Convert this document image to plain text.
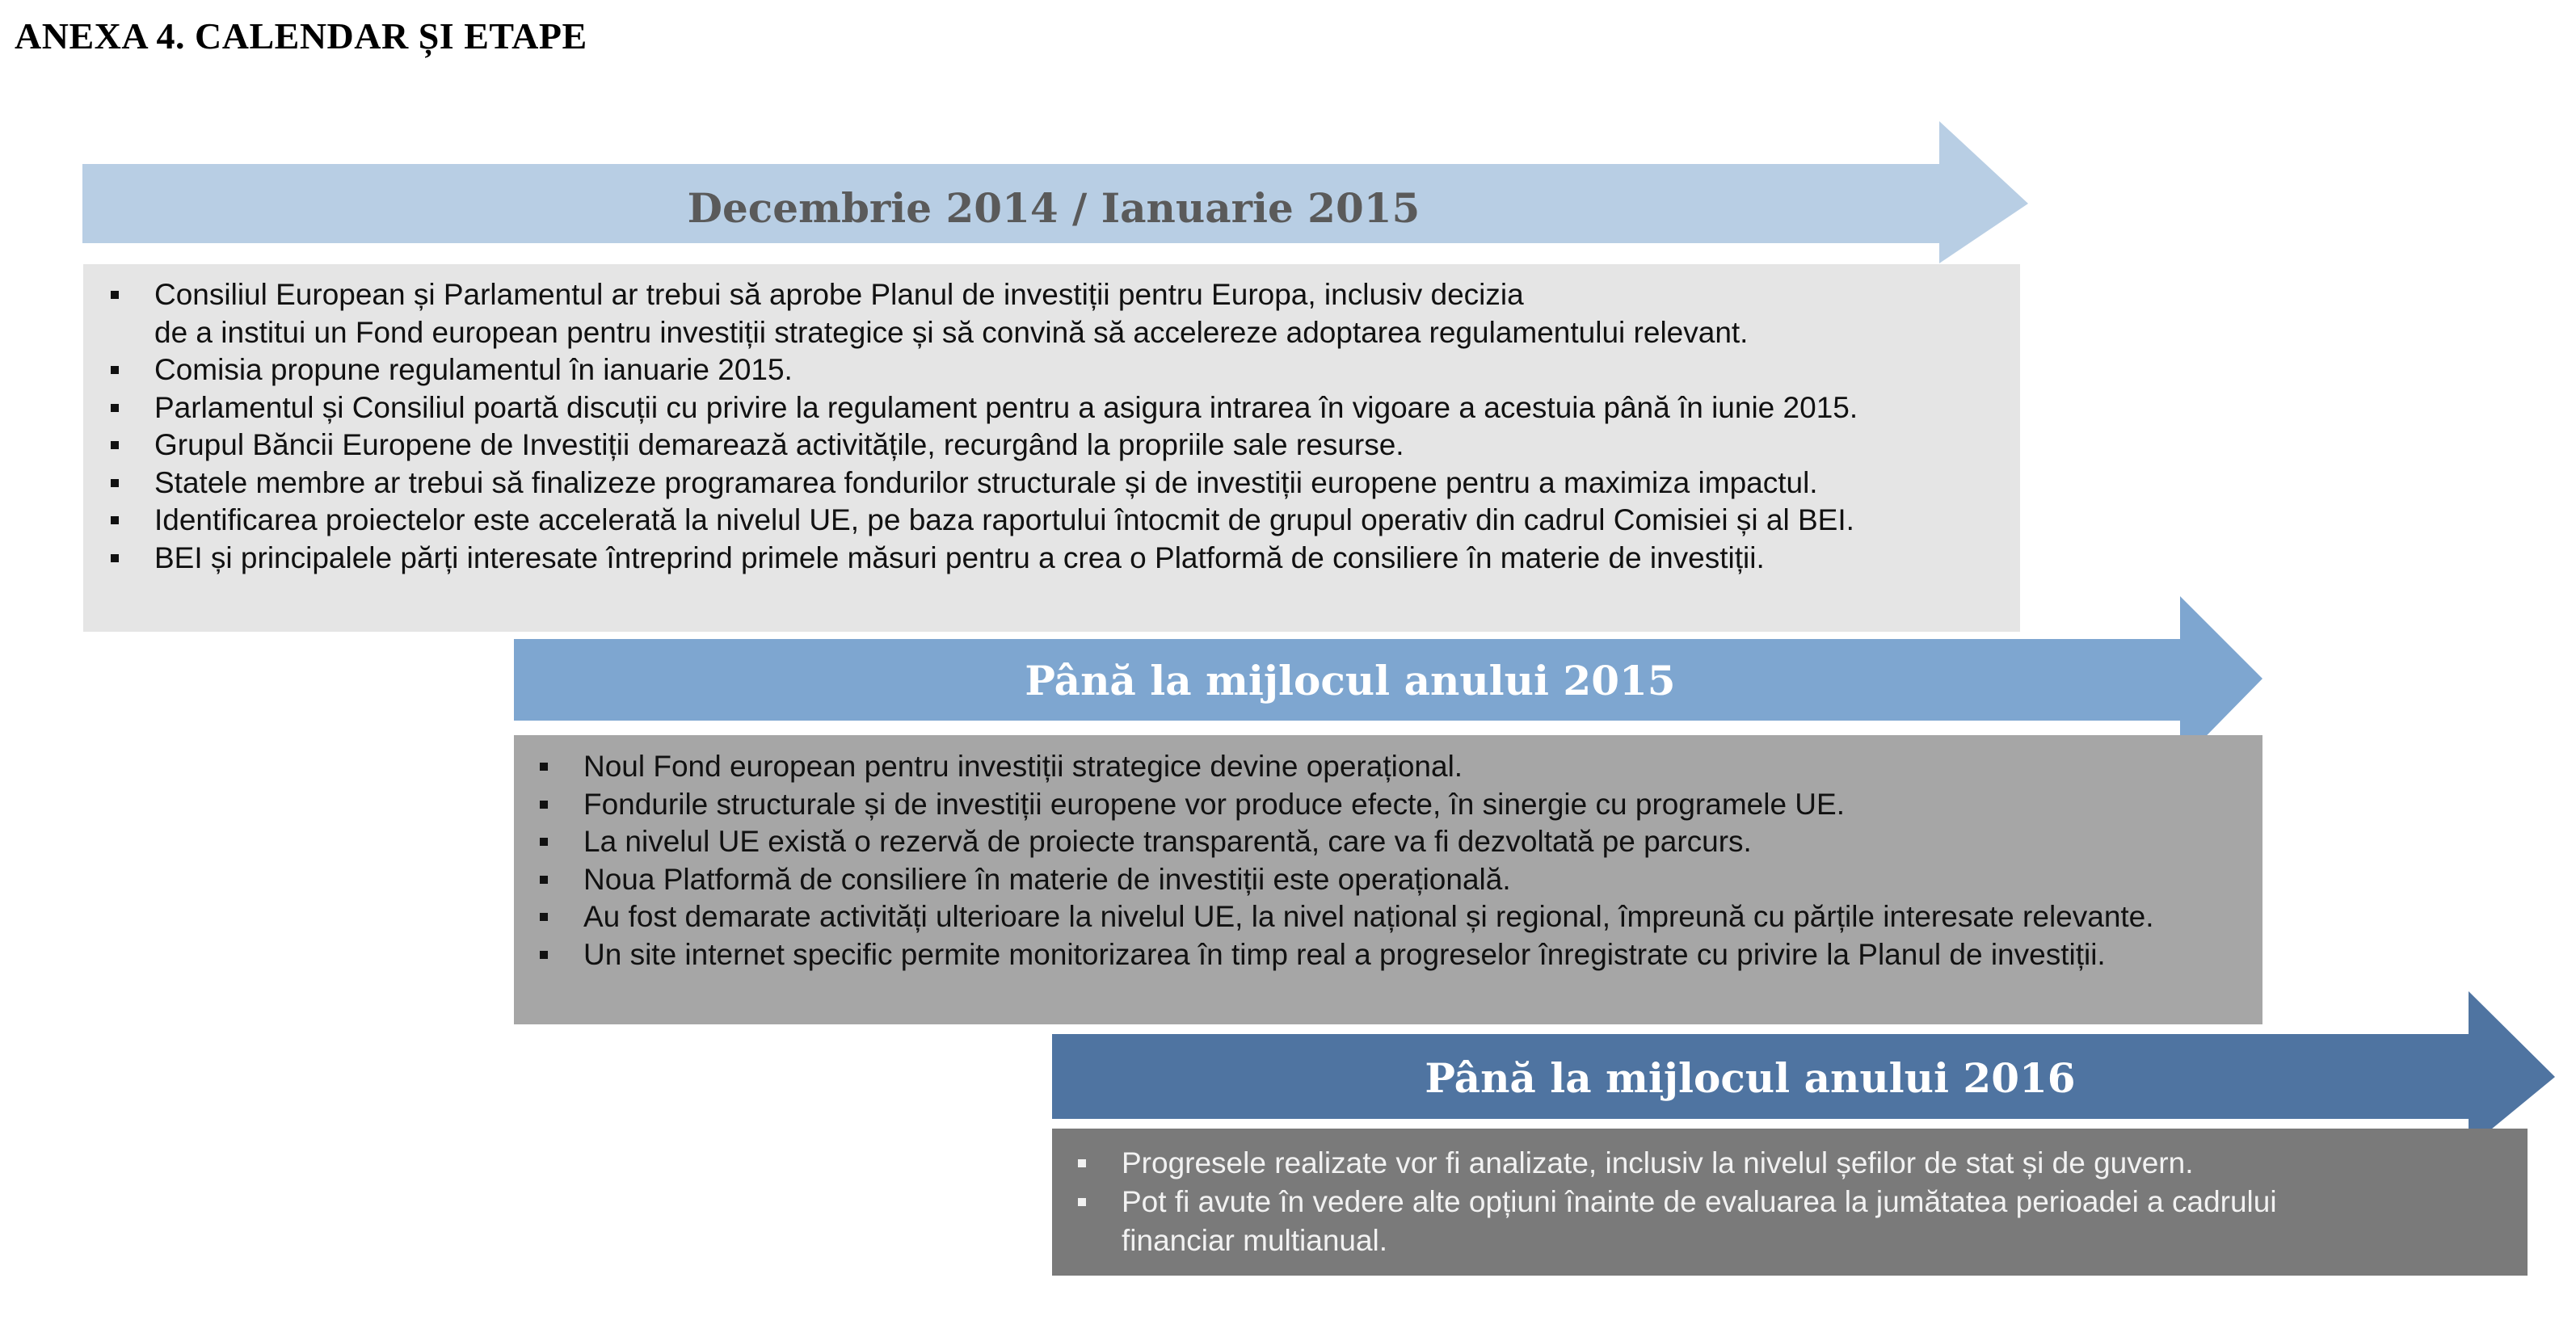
ANEXA 4. CALENDAR ȘI ETAPE
Decembrie 2014 / Ianuarie 2015
Consiliul European și Parlamentul ar trebui să aprobe Planul de investiții pentru Europa, inclusiv decizia
de a institui un Fond european pentru investiții strategice și să convină să accelereze adoptarea regulamentului relevant.
Comisia propune regulamentul în ianuarie 2015.
Parlamentul și Consiliul poartă discuții cu privire la regulament pentru a asigura intrarea în vigoare a acestuia până în iunie 2015.
Grupul Băncii Europene de Investiții demarează activitățile, recurgând la propriile sale resurse.
Statele membre ar trebui să finalizeze programarea fondurilor structurale și de investiții europene pentru a maximiza impactul.
Identificarea proiectelor este accelerată la nivelul UE, pe baza raportului întocmit de grupul operativ din cadrul Comisiei și al BEI.
BEI și principalele părți interesate întreprind primele măsuri pentru a crea o Platformă de consiliere în materie de investiții.
Până la mijlocul anului 2015
Noul Fond european pentru investiții strategice devine operațional.
Fondurile structurale și de investiții europene vor produce efecte, în sinergie cu programele UE.
La nivelul UE există o rezervă de proiecte transparentă, care va fi dezvoltată pe parcurs.
Noua Platformă de consiliere în materie de investiții este operațională.
Au fost demarate activități ulterioare la nivelul UE, la nivel național și regional, împreună cu părțile interesate relevante.
Un site internet specific permite monitorizarea în timp real a progreselor înregistrate cu privire la Planul de investiții.
Până la mijlocul anului 2016
Progresele realizate vor fi analizate, inclusiv la nivelul șefilor de stat și de guvern.
Pot fi avute în vedere alte opțiuni înainte de evaluarea la jumătatea perioadei a cadrului
financiar multianual.
